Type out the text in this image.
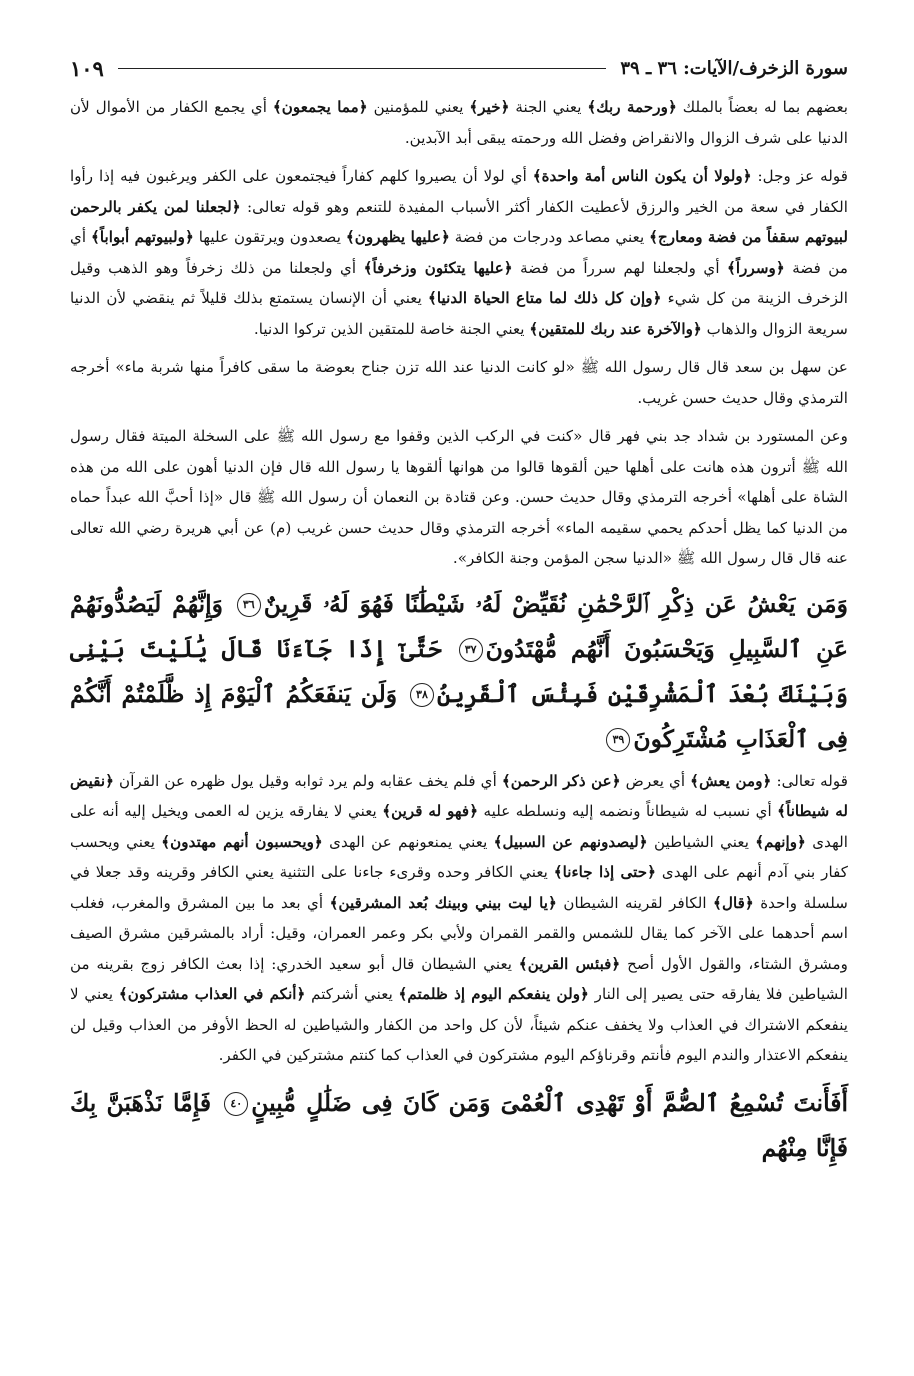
سورة الزخرف/الآيات: ٣٦ ـ ٣٩
١٠٩

بعضهم بما له بعضاً بالملك ﴿ورحمة ربك﴾ يعني الجنة ﴿خير﴾ يعني للمؤمنين ﴿مما يجمعون﴾ أي يجمع الكفار من الأموال لأن الدنيا على شرف الزوال والانقراض وفضل الله ورحمته يبقى أبد الآبدين.

قوله عز وجل: ﴿ولولا أن يكون الناس أمة واحدة﴾ أي لولا أن يصيروا كلهم كفاراً فيجتمعون على الكفر ويرغبون فيه إذا رأوا الكفار في سعة من الخير والرزق لأعطيت الكفار أكثر الأسباب المفيدة للتنعم وهو قوله تعالى: ﴿لجعلنا لمن يكفر بالرحمن لبيوتهم سقفاً من فضة ومعارج﴾ يعني مصاعد ودرجات من فضة ﴿عليها يظهرون﴾ يصعدون ويرتقون عليها ﴿ولبيوتهم أبواباً﴾ أي من فضة ﴿وسرراً﴾ أي ولجعلنا لهم سرراً من فضة ﴿عليها يتكئون وزخرفاً﴾ أي ولجعلنا من ذلك زخرفاً وهو الذهب وقيل الزخرف الزينة من كل شيء ﴿وإن كل ذلك لما متاع الحياة الدنيا﴾ يعني أن الإنسان يستمتع بذلك قليلاً ثم ينقضي لأن الدنيا سريعة الزوال والذهاب ﴿والآخرة عند ربك للمتقين﴾ يعني الجنة خاصة للمتقين الذين تركوا الدنيا.

عن سهل بن سعد قال قال رسول الله ﷺ «لو كانت الدنيا عند الله تزن جناح بعوضة ما سقى كافراً منها شربة ماء» أخرجه الترمذي وقال حديث حسن غريب.

وعن المستورد بن شداد جد بني فهر قال «كنت في الركب الذين وقفوا مع رسول الله ﷺ على السخلة الميتة فقال رسول الله ﷺ أترون هذه هانت على أهلها حين ألقوها قالوا من هوانها ألقوها يا رسول الله قال فإن الدنيا أهون على الله من هذه الشاة على أهلها» أخرجه الترمذي وقال حديث حسن. وعن قتادة بن النعمان أن رسول الله ﷺ قال «إذا أحبَّ الله عبداً حماه من الدنيا كما يظل أحدكم يحمي سقيمه الماء» أخرجه الترمذي وقال حديث حسن غريب (م) عن أبي هريرة رضي الله تعالى عنه قال قال رسول الله ﷺ «الدنيا سجن المؤمن وجنة الكافر».

وَمَن يَعْشُ عَن ذِكْرِ ٱلرَّحْمَٰنِ نُقَيِّضْ لَهُۥ شَيْطَٰنًا فَهُوَ لَهُۥ قَرِينٌ٣٦ وَإِنَّهُمْ لَيَصُدُّونَهُمْ عَنِ ٱلسَّبِيلِ وَيَحْسَبُونَ أَنَّهُم مُّهْتَدُونَ٣٧ حَتَّىٰٓ إِذَا جَآءَنَا قَالَ يَٰلَيْتَ بَيْنِى وَبَيْنَكَ بُعْدَ ٱلْمَشْرِقَيْنِ فَبِئْسَ ٱلْقَرِينُ٣٨ وَلَن يَنفَعَكُمُ ٱلْيَوْمَ إِذ ظَّلَمْتُمْ أَنَّكُمْ فِى ٱلْعَذَابِ مُشْتَرِكُونَ٣٩

قوله تعالى: ﴿ومن يعش﴾ أي يعرض ﴿عن ذكر الرحمن﴾ أي فلم يخف عقابه ولم يرد ثوابه وقيل يول ظهره عن القرآن ﴿نقيض له شيطاناً﴾ أي نسبب له شيطاناً ونضمه إليه ونسلطه عليه ﴿فهو له قرين﴾ يعني لا يفارقه يزين له العمى ويخيل إليه أنه على الهدى ﴿وإنهم﴾ يعني الشياطين ﴿ليصدونهم عن السبيل﴾ يعني يمنعونهم عن الهدى ﴿ويحسبون أنهم مهتدون﴾ يعني ويحسب كفار بني آدم أنهم على الهدى ﴿حتى إذا جاءنا﴾ يعني الكافر وحده وقرىء جاءنا على التثنية يعني الكافر وقرينه وقد جعلا في سلسلة واحدة ﴿قال﴾ الكافر لقرينه الشيطان ﴿يا ليت بيني وبينك بُعد المشرقين﴾ أي بعد ما بين المشرق والمغرب، فغلب اسم أحدهما على الآخر كما يقال للشمس والقمر القمران ولأبي بكر وعمر العمران، وقيل: أراد بالمشرقين مشرق الصيف ومشرق الشتاء، والقول الأول أصح ﴿فبئس القرين﴾ يعني الشيطان قال أبو سعيد الخدري: إذا بعث الكافر زوج بقرينه من الشياطين فلا يفارقه حتى يصير إلى النار ﴿ولن ينفعكم اليوم إذ ظلمتم﴾ يعني أشركتم ﴿أنكم في العذاب مشتركون﴾ يعني لا ينفعكم الاشتراك في العذاب ولا يخفف عنكم شيئاً، لأن كل واحد من الكفار والشياطين له الحظ الأوفر من العذاب وقيل لن ينفعكم الاعتذار والندم اليوم فأنتم وقرناؤكم اليوم مشتركون في العذاب كما كنتم مشتركين في الكفر.

أَفَأَنتَ تُسْمِعُ ٱلصُّمَّ أَوْ تَهْدِى ٱلْعُمْىَ وَمَن كَانَ فِى ضَلَٰلٍ مُّبِينٍ٤٠ فَإِمَّا نَذْهَبَنَّ بِكَ فَإِنَّا مِنْهُم
